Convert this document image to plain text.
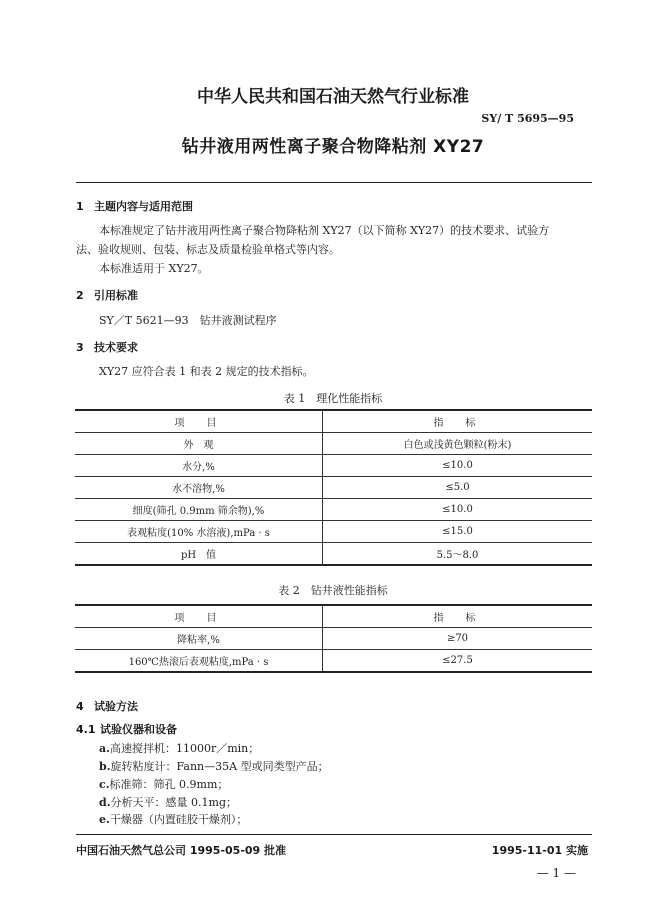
中华人民共和国石油天然气行业标准
SY/ T 5695—95
钻井液用两性离子聚合物降粘剂 XY27
1 主题内容与适用范围
本标准规定了钻井液用两性离子聚合物降粘剂 XY27（以下简称 XY27）的技术要求、试验方
法、验收规则、包装、标志及质量检验单格式等内容。
本标准适用于 XY27。
2 引用标准
SY／T 5621—93　钻井液测试程序
3 技术要求
XY27 应符合表 1 和表 2 规定的技术指标。
表 1　理化性能指标
项　目	指　标
外　观	白色或浅黄色颗粒(粉末)
水分,%	≤10.0
水不溶物,%	≤5.0
细度(筛孔 0.9mm 筛余物),%	≤10.0
表观粘度(10% 水溶液),mPa · s	≤15.0
pH　值	5.5～8.0
表 2　钻井液性能指标
项　目	指　标
降粘率,%	≥70
160℃热滚后表观粘度,mPa · s	≤27.5
4 试验方法
4.1 试验仪器和设备
a.高速搅拌机：11000r／min；
b.旋转粘度计：Fann—35A 型或同类型产品；
c.标准筛：筛孔 0.9mm；
d.分析天平：感量 0.1mg；
e.干燥器（内置硅胶干燥剂）；
中国石油天然气总公司 1995-05-09 批准	1995-11-01 实施
— 1 —
